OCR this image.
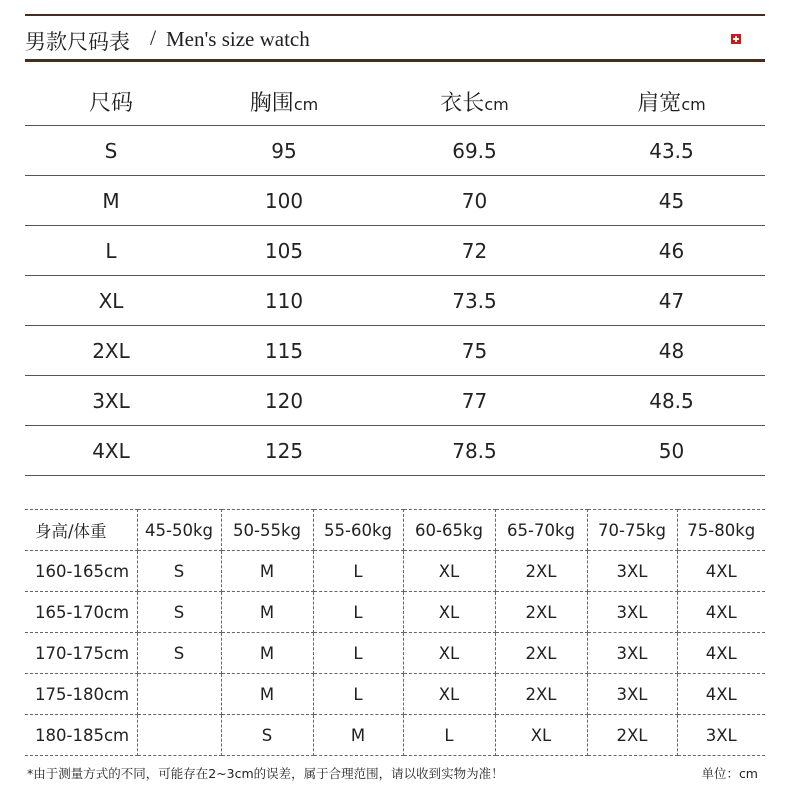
男款尺码表 / Men's size watch
尺码	胸围cm	衣长cm	肩宽cm
S	95	69.5	43.5
M	100	70	45
L	105	72	46
XL	110	73.5	47
2XL	115	75	48
3XL	120	77	48.5
4XL	125	78.5	50
身高/体重	45-50kg	50-55kg	55-60kg	60-65kg	65-70kg	70-75kg	75-80kg
160-165cm	S	M	L	XL	2XL	3XL	4XL
165-170cm	S	M	L	XL	2XL	3XL	4XL
170-175cm	S	M	L	XL	2XL	3XL	4XL
175-180cm		M	L	XL	2XL	3XL	4XL
180-185cm		S	M	L	XL	2XL	3XL
*由于测量方式的不同，可能存在2~3cm的误差，属于合理范围，请以收到实物为准！	单位：cm
